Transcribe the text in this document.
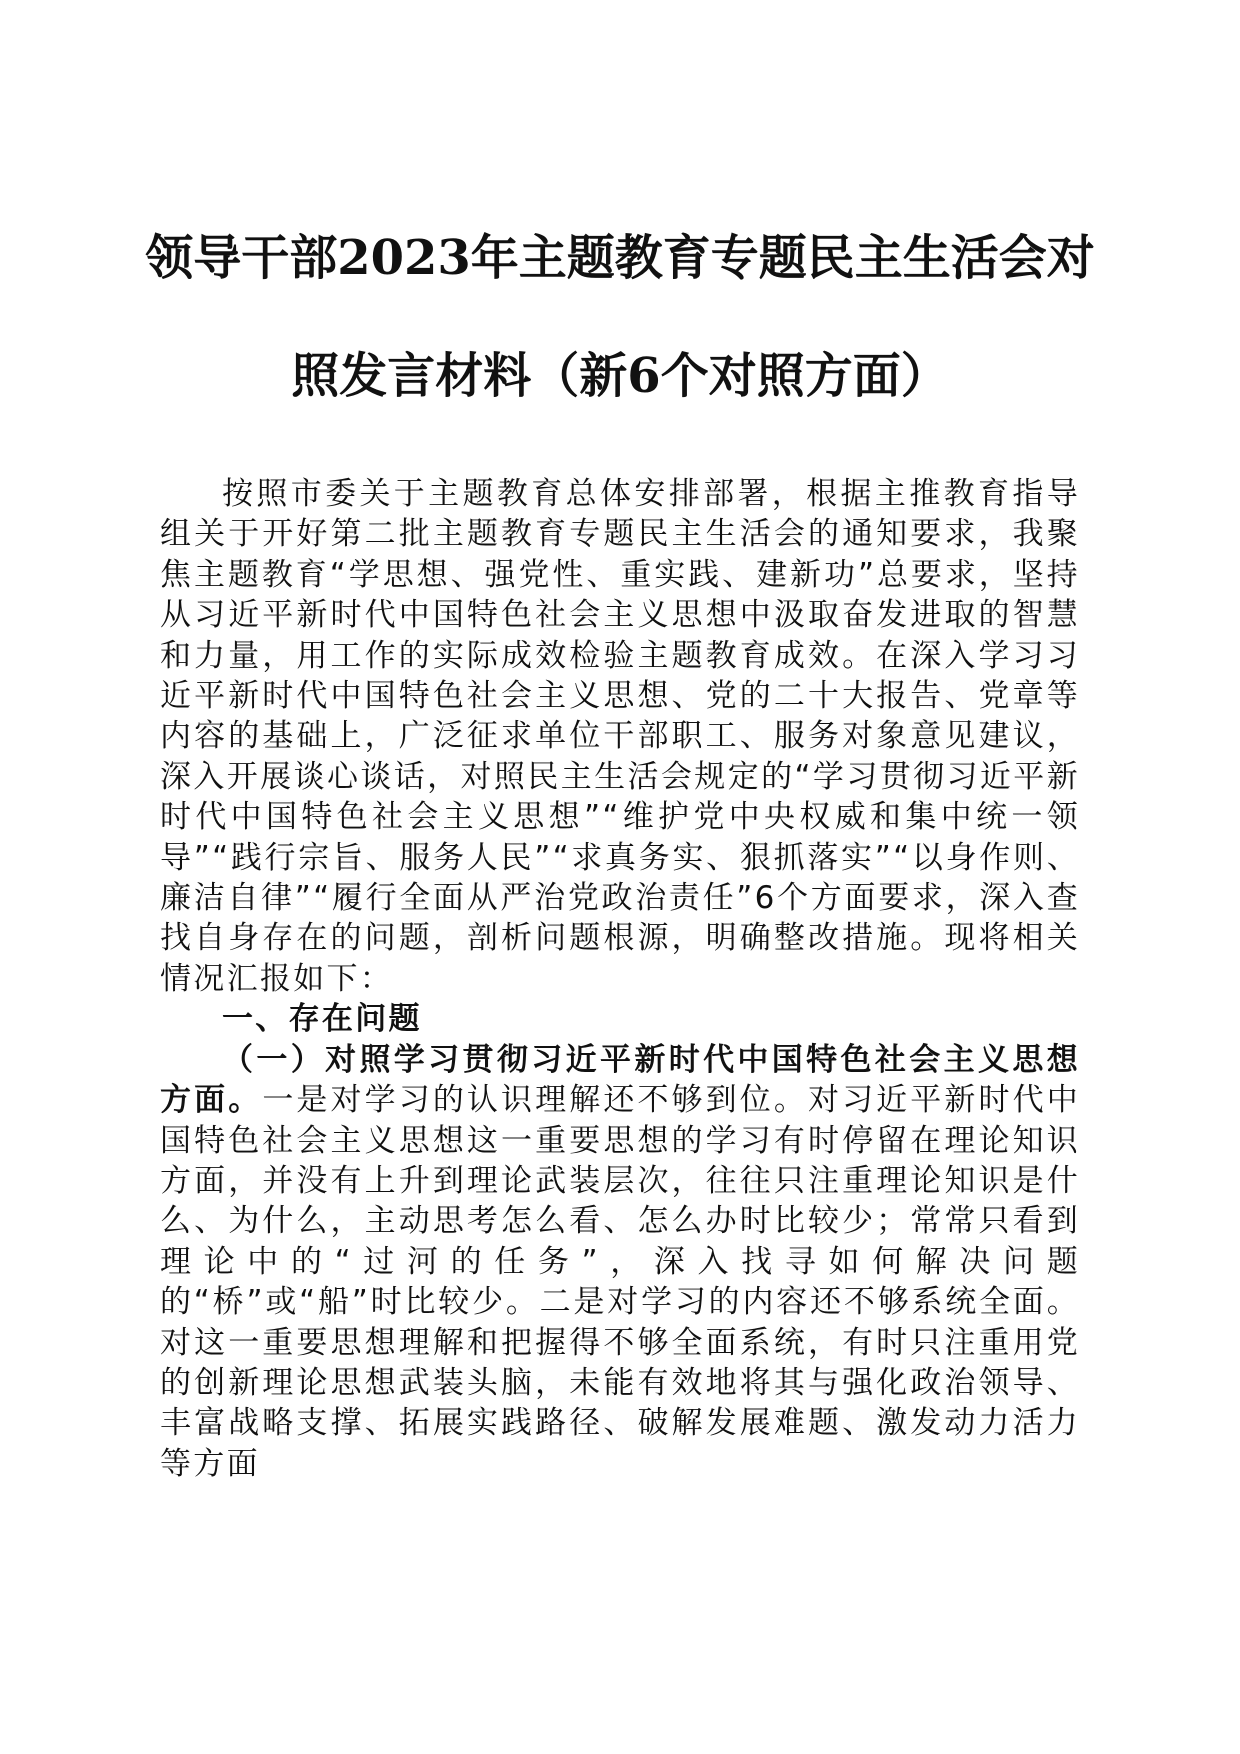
领导干部2023年主题教育专题民主生活会对
照发言材料（新6个对照方面）

按照市委关于主题教育总体安排部署，根据主推教育指导组关于开好第二批主题教育专题民主生活会的通知要求，我聚焦主题教育“学思想、强党性、重实践、建新功”总要求，坚持从习近平新时代中国特色社会主义思想中汲取奋发进取的智慧和力量，用工作的实际成效检验主题教育成效。在深入学习习近平新时代中国特色社会主义思想、党的二十大报告、党章等内容的基础上，广泛征求单位干部职工、服务对象意见建议，深入开展谈心谈话，对照民主生活会规定的“学习贯彻习近平新时代中国特色社会主义思想”“维护党中央权威和集中统一领导”“践行宗旨、服务人民”“求真务实、狠抓落实”“以身作则、廉洁自律”“履行全面从严治党政治责任”6个方面要求，深入查找自身存在的问题，剖析问题根源，明确整改措施。现将相关情况汇报如下：

一、存在问题

（一）对照学习贯彻习近平新时代中国特色社会主义思想方面。一是对学习的认识理解还不够到位。对习近平新时代中国特色社会主义思想这一重要思想的学习有时停留在理论知识方面，并没有上升到理论武装层次，往往只注重理论知识是什么、为什么，主动思考怎么看、怎么办时比较少；常常只看到理论中的“过河的任务”，深入找寻如何解决问题的“桥”或“船”时比较少。二是对学习的内容还不够系统全面。对这一重要思想理解和把握得不够全面系统，有时只注重用党的创新理论思想武装头脑，未能有效地将其与强化政治领导、丰富战略支撑、拓展实践路径、破解发展难题、激发动力活力等方面
